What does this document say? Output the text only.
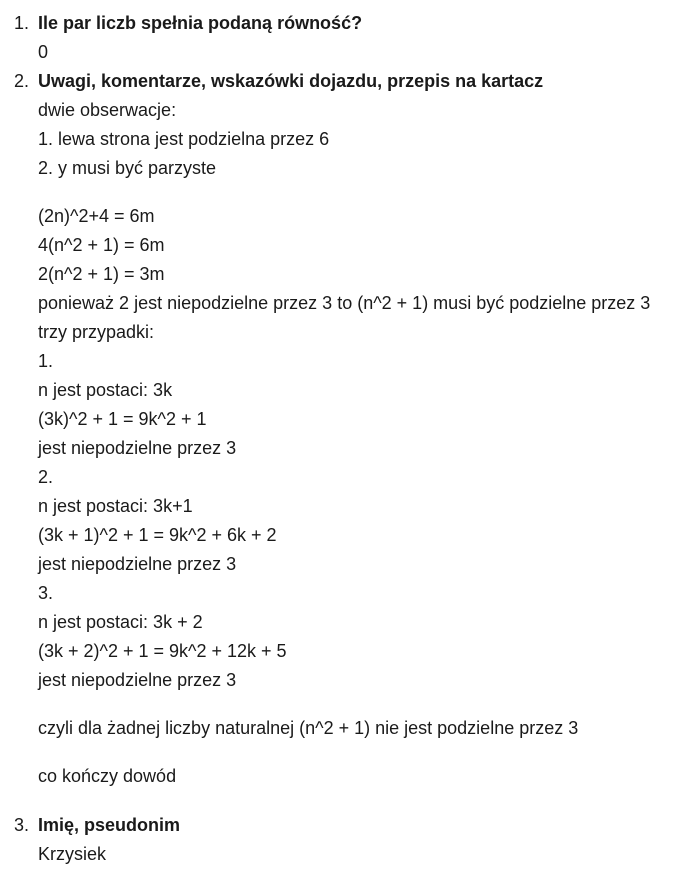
1. Ile par liczb spełnia podaną równość?
0
2. Uwagi, komentarze, wskazówki dojazdu, przepis na kartacz
dwie obserwacje:
1. lewa strona jest podzielna przez 6
2. y musi być parzyste
(2n)^2+4 = 6m
4(n^2 + 1) = 6m
2(n^2 + 1) = 3m
ponieważ 2 jest niepodzielne przez 3 to (n^2 + 1) musi być podzielne przez 3
trzy przypadki:
1.
n jest postaci: 3k
(3k)^2 + 1 = 9k^2 + 1
jest niepodzielne przez 3
2.
n jest postaci: 3k+1
(3k + 1)^2 + 1 = 9k^2 + 6k + 2
jest niepodzielne przez 3
3.
n jest postaci: 3k + 2
(3k + 2)^2 + 1 = 9k^2 + 12k + 5
jest niepodzielne przez 3
czyli dla żadnej liczby naturalnej (n^2 + 1) nie jest podzielne przez 3
co kończy dowód
3. Imię, pseudonim
Krzysiek
